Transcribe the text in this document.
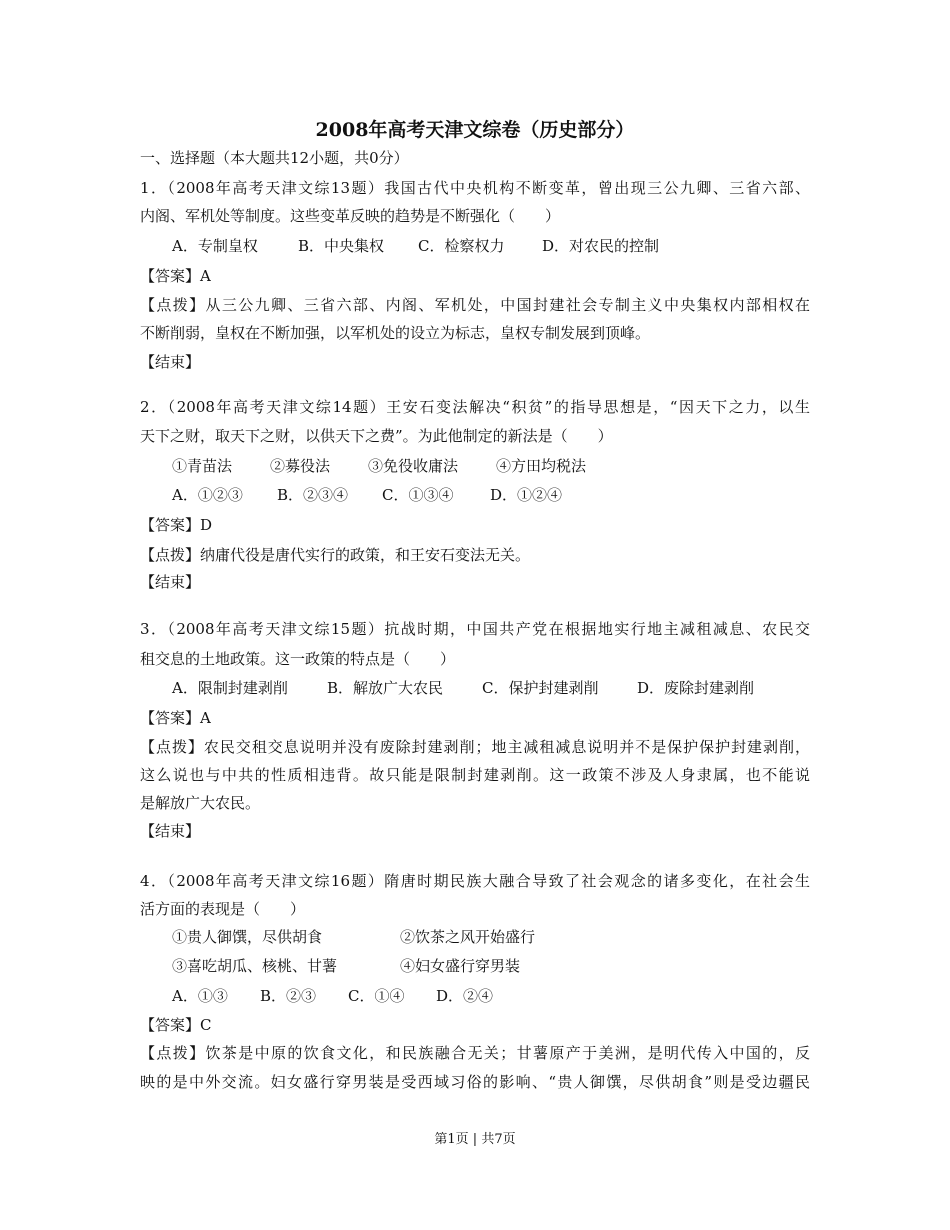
2008年高考天津文综卷（历史部分）
一、选择题（本大题共12小题，共0分）
1．（2008年高考天津文综13题）我国古代中央机构不断变革，曾出现三公九卿、三省六部、
内阁、军机处等制度。这些变革反映的趋势是不断强化（　　）
A．专制皇权	B．中央集权 C．检察权力	D．对农民的控制
【答案】A
【点拨】从三公九卿、三省六部、内阁、军机处，中国封建社会专制主义中央集权内部相权在
不断削弱，皇权在不断加强，以军机处的设立为标志，皇权专制发展到顶峰。
【结束】
2．（2008年高考天津文综14题）王安石变法解决“积贫”的指导思想是，“因天下之力，以生
天下之财，取天下之财，以供天下之费”。为此他制定的新法是（　　）
①青苗法	②募役法	③免役收庸法	④方田均税法
A．①②③ B．②③④ C．①③④ D．①②④
【答案】D
【点拨】纳庸代役是唐代实行的政策，和王安石变法无关。
【结束】
3．（2008年高考天津文综15题）抗战时期，中国共产党在根据地实行地主减租减息、农民交
租交息的土地政策。这一政策的特点是（　　）
A．限制封建剥削	B．解放广大农民	C．保护封建剥削	D．废除封建剥削
【答案】A
【点拨】农民交租交息说明并没有废除封建剥削；地主减租减息说明并不是保护保护封建剥削，
这么说也与中共的性质相违背。故只能是限制封建剥削。这一政策不涉及人身隶属，也不能说
是解放广大农民。
【结束】
4．（2008年高考天津文综16题）隋唐时期民族大融合导致了社会观念的诸多变化，在社会生
活方面的表现是（　　）
①贵人御馔，尽供胡食	②饮茶之风开始盛行
③喜吃胡瓜、核桃、甘薯	④妇女盛行穿男装
A．①③ B．②③ C．①④ D．②④
【答案】C
【点拨】饮茶是中原的饮食文化，和民族融合无关；甘薯原产于美洲，是明代传入中国的，反
映的是中外交流。妇女盛行穿男装是受西域习俗的影响、“贵人御馔，尽供胡食”则是受边疆民
第1页 | 共7页
